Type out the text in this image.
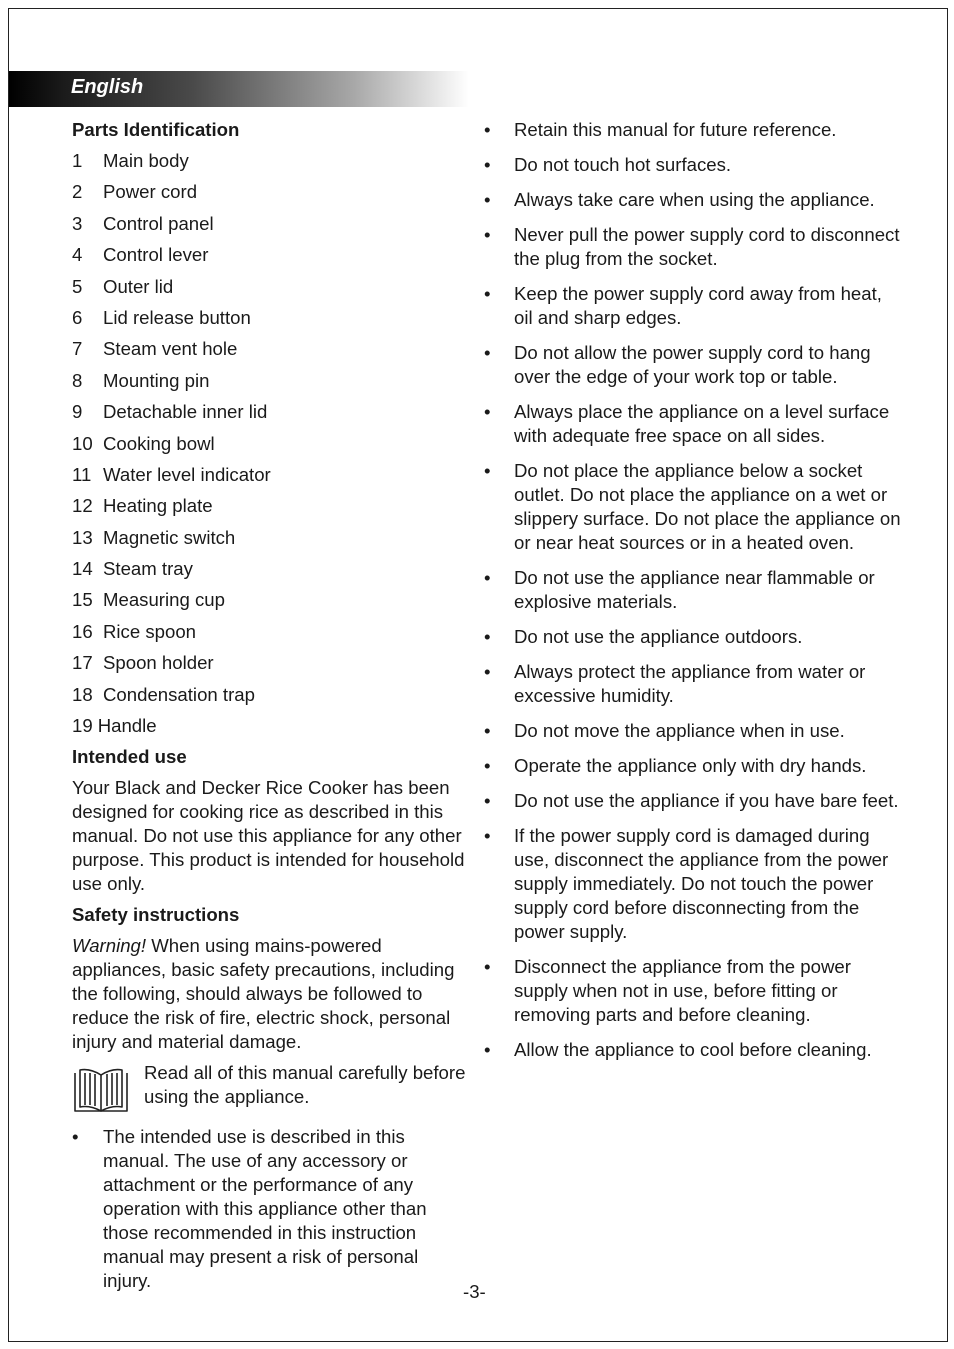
English
Parts Identification
1	Main body
2	Power cord
3	Control panel
4	Control lever
5	Outer lid
6	Lid release button
7	Steam vent hole
8	Mounting pin
9	Detachable inner lid
10 Cooking bowl
11 Water level indicator
12 Heating plate
13 Magnetic switch
14 Steam tray
15 Measuring cup
16 Rice spoon
17 Spoon holder
18 Condensation trap
19 Handle
Intended use

Your Black and Decker Rice Cooker has been designed for cooking rice as described in this manual. Do not use this appliance for any other purpose. This product is intended for household use only.

Safety instructions

Warning! When using mains-powered appliances, basic safety precautions, including the following, should always be followed to reduce the risk of fire, electric shock, personal injury and material damage.

Read all of this manual carefully before using the appliance.
•	The intended use is described in this manual. The use of any accessory or attachment or the performance of any operation with this appliance other than those recommended in this instruction manual may present a risk of personal injury.
•	Retain this manual for future reference.
•	Do not touch hot surfaces.
•	Always take care when using the appliance.
•	Never pull the power supply cord to disconnect the plug from the socket.
•	Keep the power supply cord away from heat, oil and sharp edges.
•	Do not allow the power supply cord to hang over the edge of your work top or table.
•	Always place the appliance on a level surface with adequate free space on all sides.
•	Do not place the appliance below a socket outlet. Do not place the appliance on a wet or slippery surface. Do not place the appliance on or near heat sources or in a heated oven.
•	Do not use the appliance near flammable or explosive materials.
•	Do not use the appliance outdoors.
•	Always protect the appliance from water or excessive humidity.
•	Do not move the appliance when in use.
•	Operate the appliance only with dry hands.
•	Do not use the appliance if you have bare feet.
•	If the power supply cord is damaged during use, disconnect the appliance from the power supply immediately. Do not touch the power supply cord before disconnecting from the power supply.
•	Disconnect the appliance from the power supply when not in use, before fitting or removing parts and before cleaning.
•	Allow the appliance to cool before cleaning.
-3-
